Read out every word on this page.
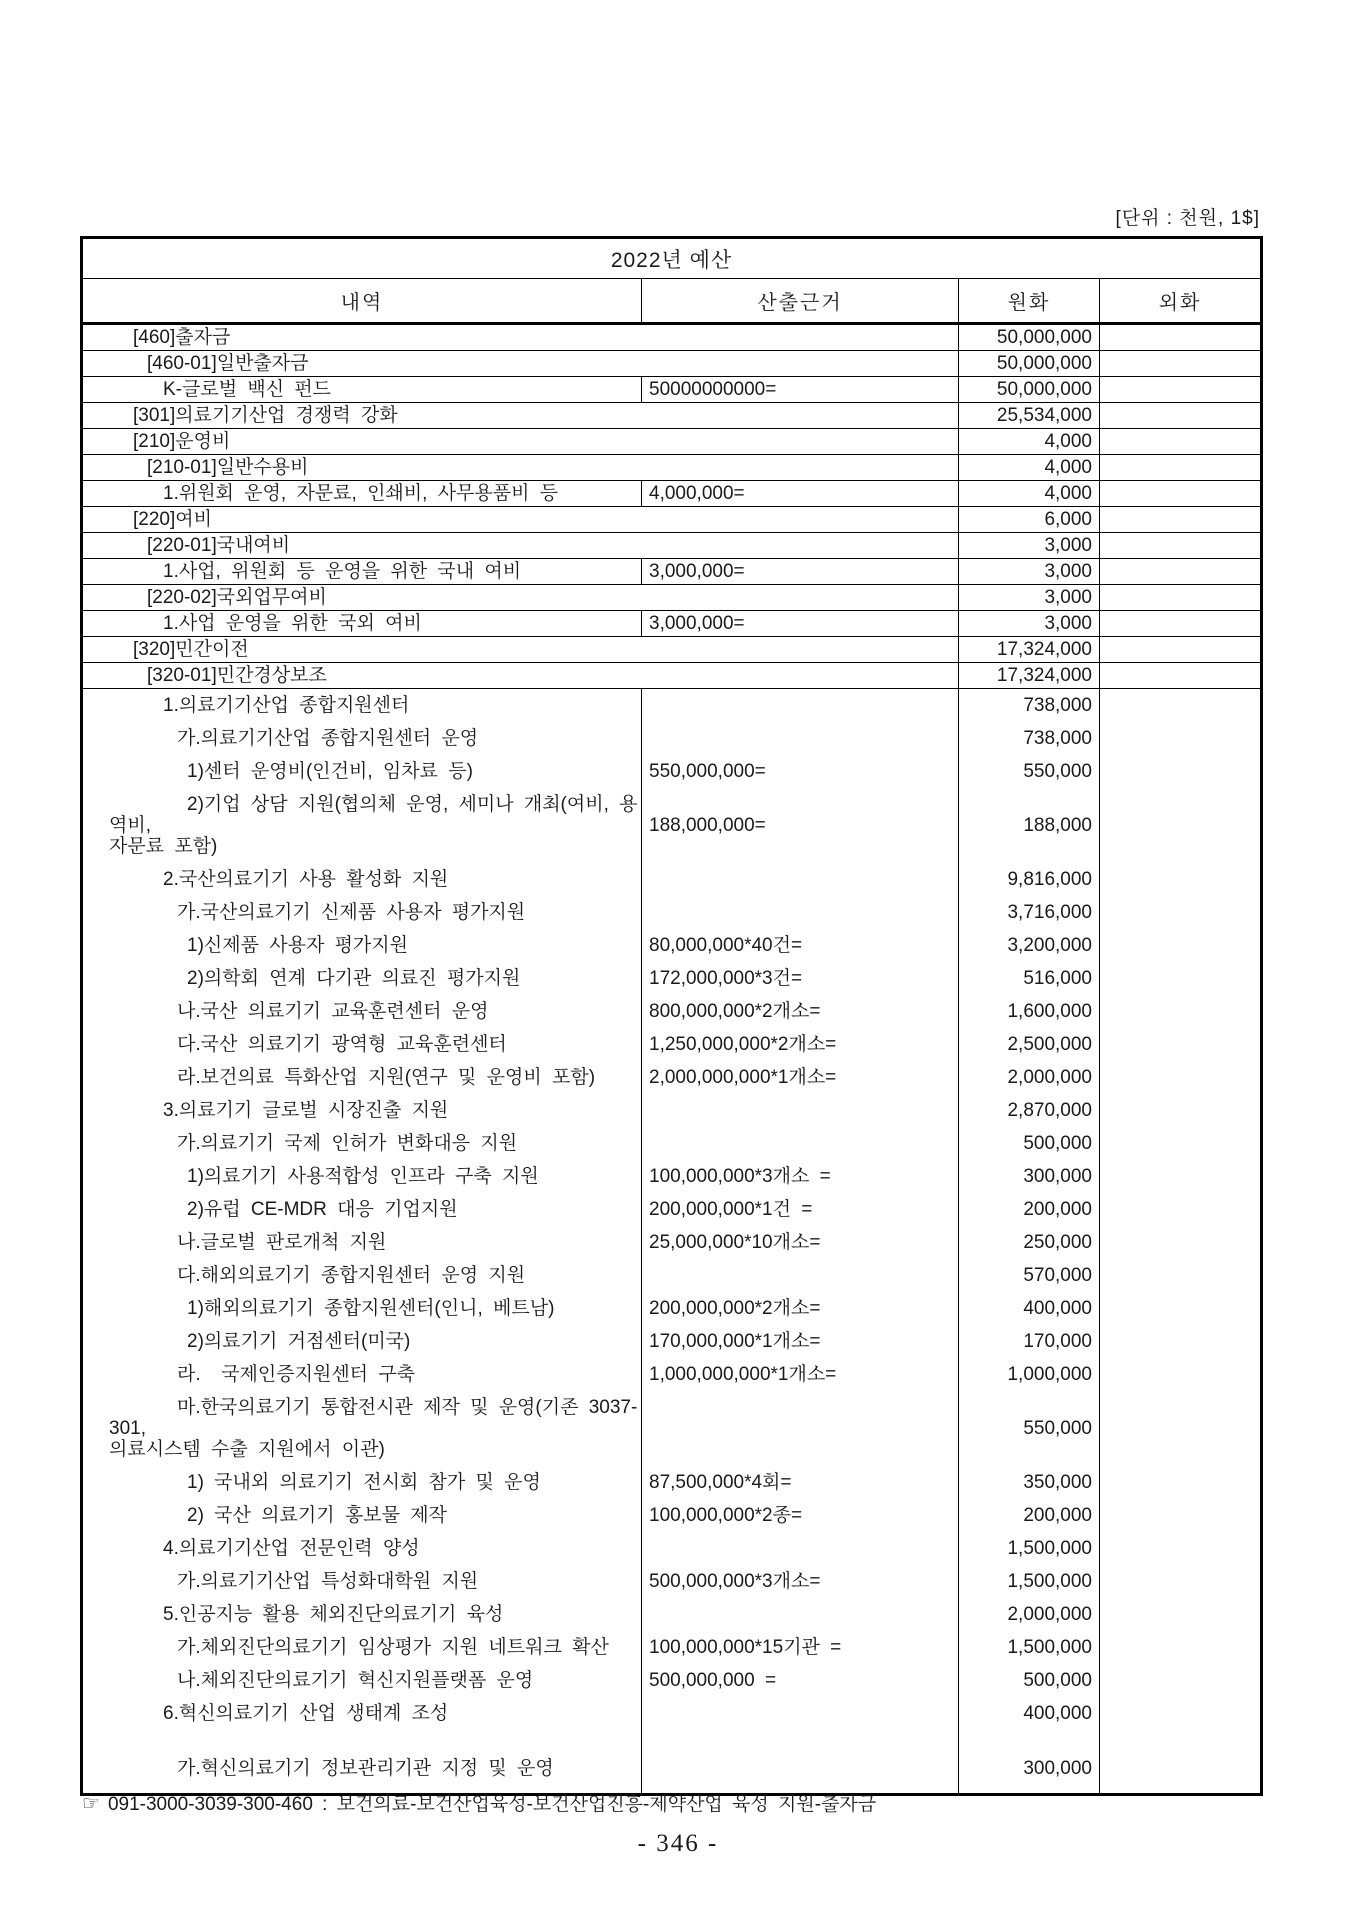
[단위 : 천원, 1$]
2022년 예산			
내역	산출근거	원화	외화
[460]출자금		50,000,000	
[460-01]일반출자금		50,000,000	
K-글로벌 백신 펀드	50000000000=	50,000,000	
[301]의료기기산업 경쟁력 강화		25,534,000	
[210]운영비		4,000	
[210-01]일반수용비		4,000	
1.위원회 운영, 자문료, 인쇄비, 사무용품비 등	4,000,000=	4,000	
[220]여비		6,000	
[220-01]국내여비		3,000	
1.사업, 위원회 등 운영을 위한 국내 여비	3,000,000=	3,000	
[220-02]국외업무여비		3,000	
1.사업 운영을 위한 국외 여비	3,000,000=	3,000	
[320]민간이전		17,324,000	
[320-01]민간경상보조		17,324,000	
1.의료기기산업 종합지원센터		738,000	
가.의료기기산업 종합지원센터 운영		738,000	
1)센터 운영비(인건비, 임차료 등)	550,000,000=	550,000	
2)기업 상담 지원(협의체 운영, 세미나 개최(여비, 용역비,
자문료 포함)	188,000,000=	188,000	
2.국산의료기기 사용 활성화 지원		9,816,000	
가.국산의료기기 신제품 사용자 평가지원		3,716,000	
1)신제품 사용자 평가지원	80,000,000*40건=	3,200,000	
2)의학회 연계 다기관 의료진 평가지원	172,000,000*3건=	516,000	
나.국산 의료기기 교육훈련센터 운영	800,000,000*2개소=	1,600,000	
다.국산 의료기기 광역형 교육훈련센터	1,250,000,000*2개소=	2,500,000	
라.보건의료 특화산업 지원(연구 및 운영비 포함)	2,000,000,000*1개소=	2,000,000	
3.의료기기 글로벌 시장진출 지원		2,870,000	
가.의료기기 국제 인허가 변화대응 지원		500,000	
1)의료기기 사용적합성 인프라 구축 지원	100,000,000*3개소 =	300,000	
2)유럽 CE-MDR 대응 기업지원	200,000,000*1건 =	200,000	
나.글로벌 판로개척 지원	25,000,000*10개소=	250,000	
다.해외의료기기 종합지원센터 운영 지원		570,000	
1)해외의료기기 종합지원센터(인니, 베트남)	200,000,000*2개소=	400,000	
2)의료기기 거점센터(미국)	170,000,000*1개소=	170,000	
라.  국제인증지원센터 구축	1,000,000,000*1개소=	1,000,000	
마.한국의료기기 통합전시관 제작 및 운영(기존 3037-301,
의료시스템 수출 지원에서 이관)		550,000	
1) 국내외 의료기기 전시회 참가 및 운영	87,500,000*4회=	350,000	
2) 국산 의료기기 홍보물 제작	100,000,000*2종=	200,000	
4.의료기기산업 전문인력 양성		1,500,000	
가.의료기기산업 특성화대학원 지원	500,000,000*3개소=	1,500,000	
5.인공지능 활용 체외진단의료기기 육성		2,000,000	
가.체외진단의료기기 임상평가 지원 네트워크 확산	100,000,000*15기관 =	1,500,000	
나.체외진단의료기기 혁신지원플랫폼 운영	500,000,000 =	500,000	
6.혁신의료기기 산업 생태계 조성		400,000	
가.혁신의료기기 정보관리기관 지정 및 운영		300,000	
☞ 091-3000-3039-300-460 : 보건의료-보건산업육성-보건산업진흥-제약산업 육성 지원-출자금
- 346 -
